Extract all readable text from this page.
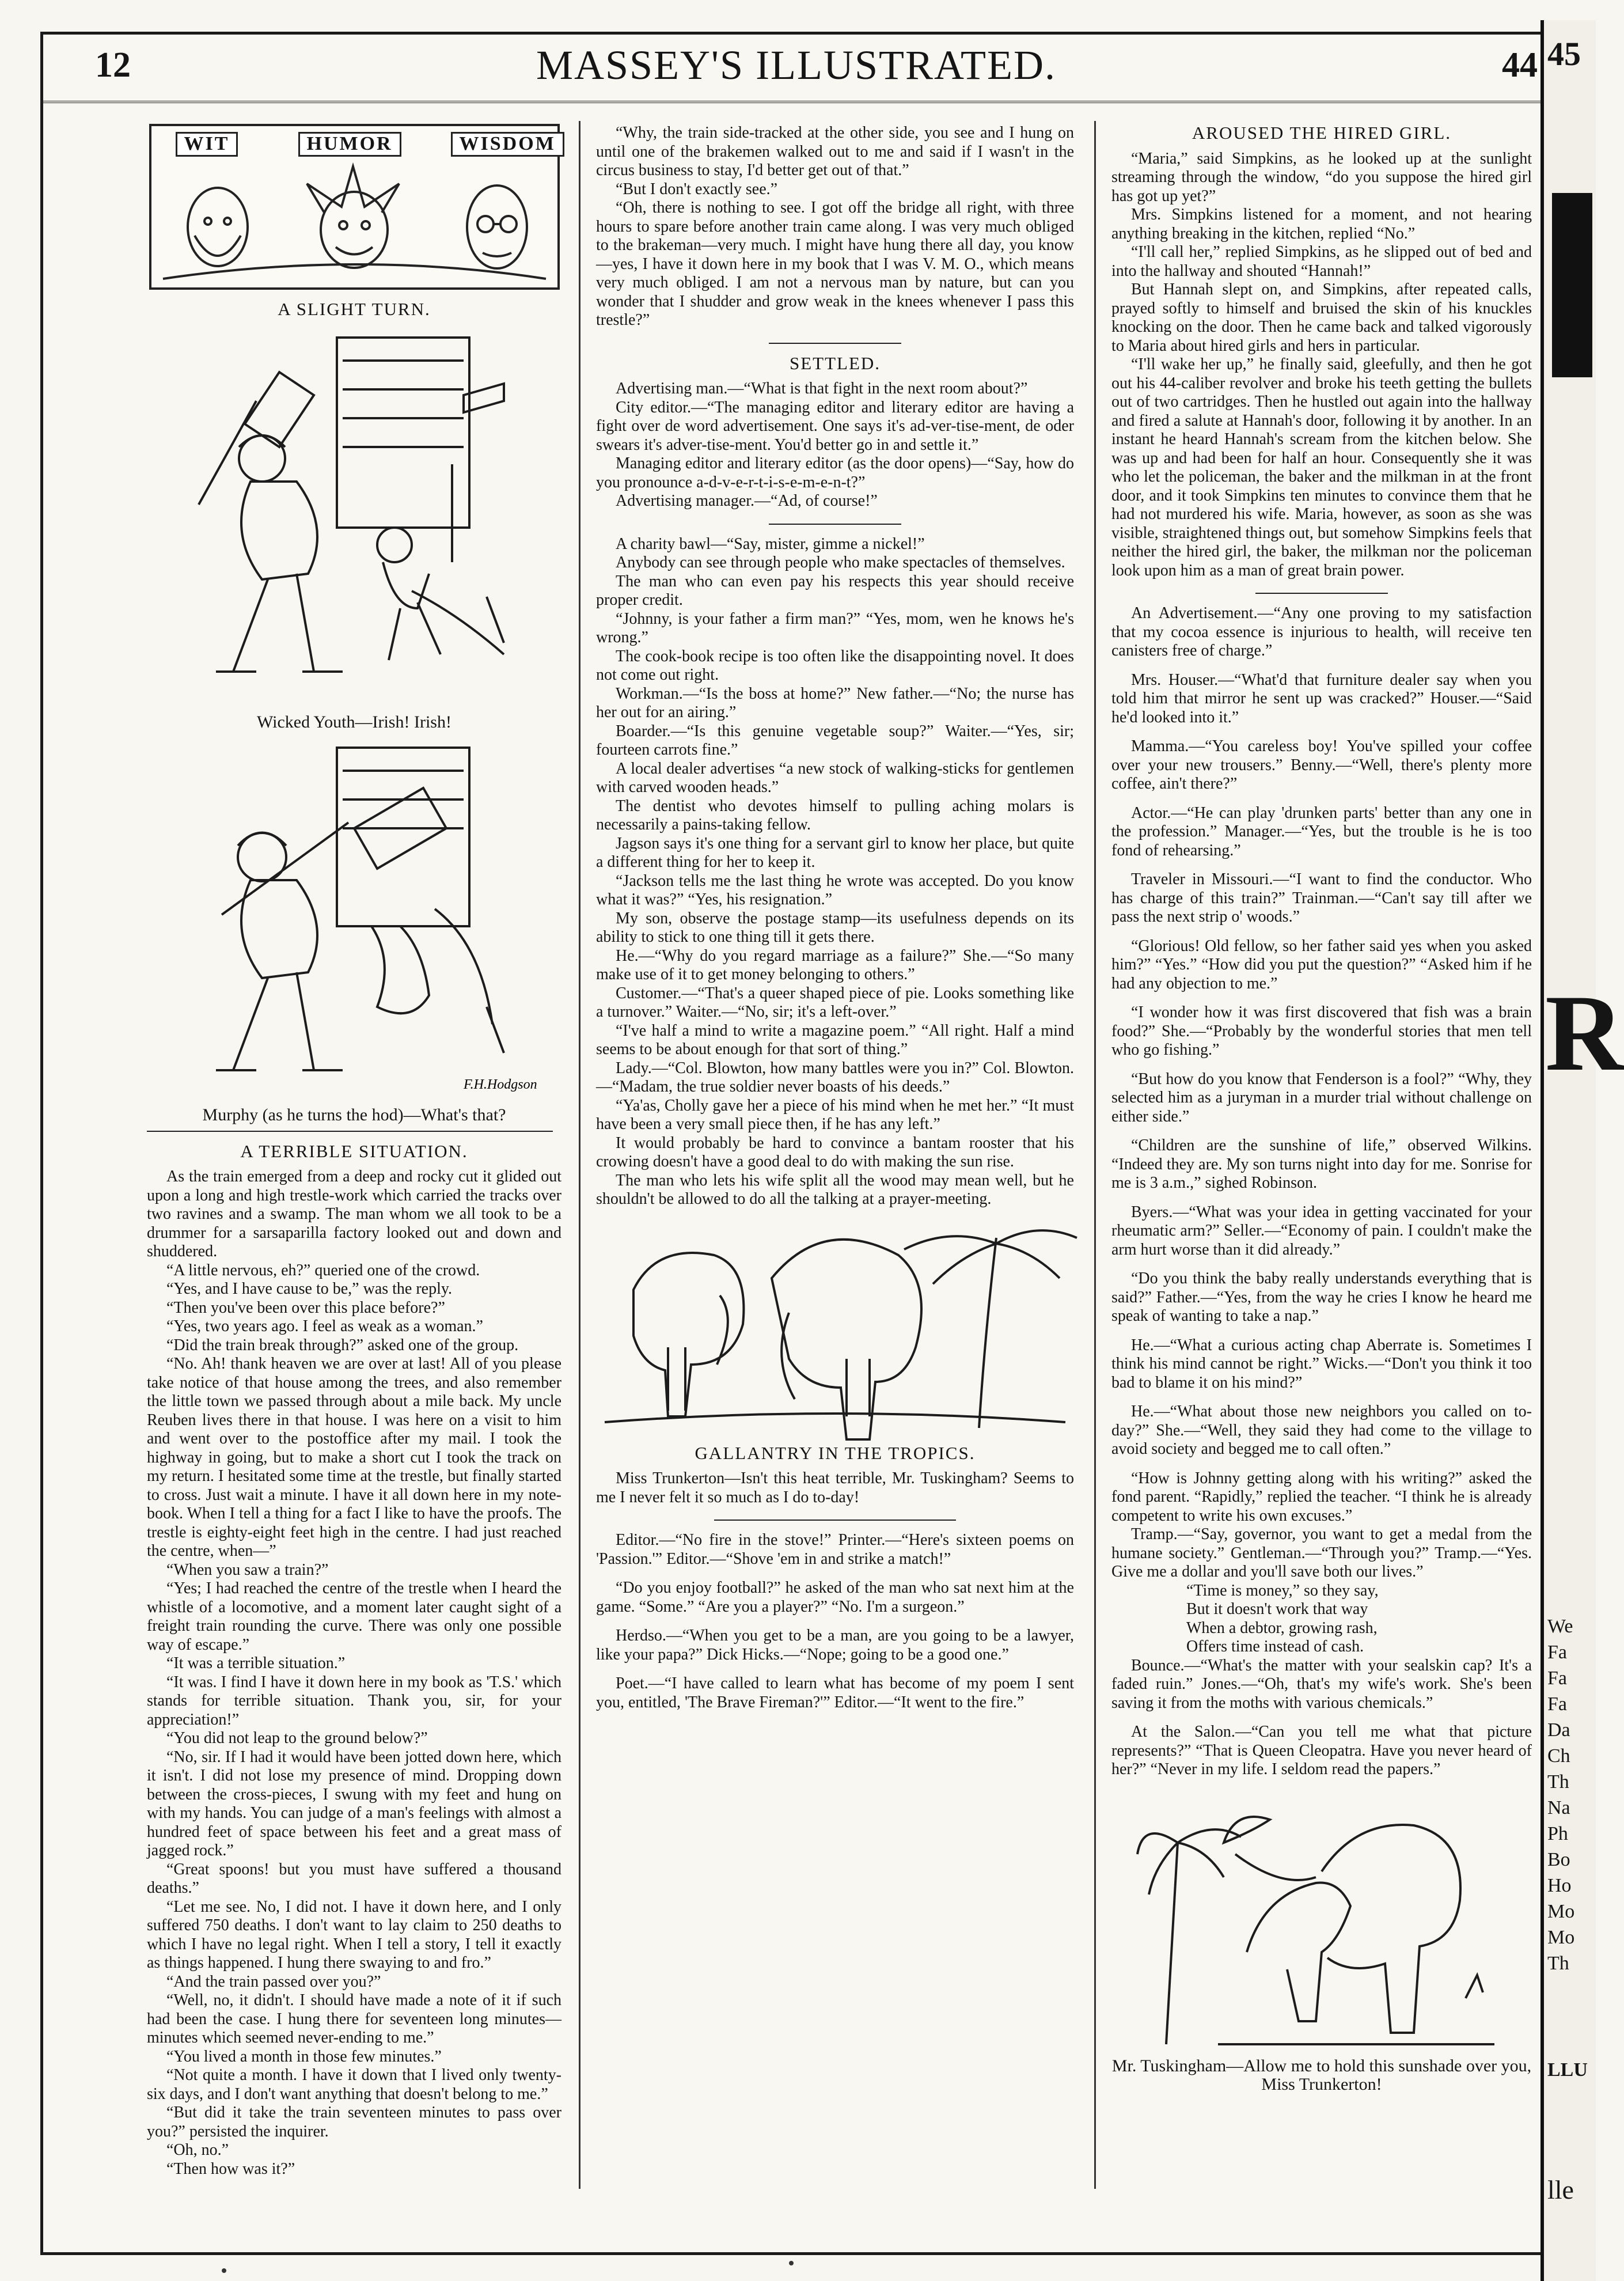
12	MASSEY'S ILLUSTRATED.	44
WIT	HUMOR	WISDOM
A SLIGHT TURN.
Wicked Youth—Irish! Irish!
F.H.Hodgson
Murphy (as he turns the hod)—What's that?
A TERRIBLE SITUATION.

As the train emerged from a deep and rocky cut it glided out upon a long and high trestle-work which carried the tracks over two ravines and a swamp. The man whom we all took to be a drummer for a sarsaparilla factory looked out and down and shuddered.

“A little nervous, eh?” queried one of the crowd.

“Yes, and I have cause to be,” was the reply.

“Then you've been over this place before?”

“Yes, two years ago. I feel as weak as a woman.”

“Did the train break through?” asked one of the group.

“No. Ah! thank heaven we are over at last! All of you please take notice of that house among the trees, and also remember the little town we passed through about a mile back. My uncle Reuben lives there in that house. I was here on a visit to him and went over to the postoffice after my mail. I took the highway in going, but to make a short cut I took the track on my return. I hesitated some time at the trestle, but finally started to cross. Just wait a minute. I have it all down here in my note-book. When I tell a thing for a fact I like to have the proofs. The trestle is eighty-eight feet high in the centre. I had just reached the centre, when—”

“When you saw a train?”

“Yes; I had reached the centre of the trestle when I heard the whistle of a locomotive, and a moment later caught sight of a freight train rounding the curve. There was only one possible way of escape.”

“It was a terrible situation.”

“It was. I find I have it down here in my book as 'T.S.' which stands for terrible situation. Thank you, sir, for your appreciation!”

“You did not leap to the ground below?”

“No, sir. If I had it would have been jotted down here, which it isn't. I did not lose my presence of mind. Dropping down between the cross-pieces, I swung with my feet and hung on with my hands. You can judge of a man's feelings with almost a hundred feet of space between his feet and a great mass of jagged rock.”

“Great spoons! but you must have suffered a thousand deaths.”

“Let me see. No, I did not. I have it down here, and I only suffered 750 deaths. I don't want to lay claim to 250 deaths to which I have no legal right. When I tell a story, I tell it exactly as things happened. I hung there swaying to and fro.”

“And the train passed over you?”

“Well, no, it didn't. I should have made a note of it if such had been the case. I hung there for seventeen long minutes—minutes which seemed never-ending to me.”

“You lived a month in those few minutes.”

“Not quite a month. I have it down that I lived only twenty-six days, and I don't want anything that doesn't belong to me.”

“But did it take the train seventeen minutes to pass over you?” persisted the inquirer.

“Oh, no.”

“Then how was it?”

“Why, the train side-tracked at the other side, you see and I hung on until one of the brakemen walked out to me and said if I wasn't in the circus business to stay, I'd better get out of that.”

“But I don't exactly see.”

“Oh, there is nothing to see. I got off the bridge all right, with three hours to spare before another train came along. I was very much obliged to the brakeman—very much. I might have hung there all day, you know—yes, I have it down here in my book that I was V. M. O., which means very much obliged. I am not a nervous man by nature, but can you wonder that I shudder and grow weak in the knees whenever I pass this trestle?”

SETTLED.

Advertising man.—“What is that fight in the next room about?”

City editor.—“The managing editor and literary editor are having a fight over de word advertisement. One says it's ad-ver-tise-ment, de oder swears it's adver-tise-ment. You'd better go in and settle it.”

Managing editor and literary editor (as the door opens)—“Say, how do you pronounce a-d-v-e-r-t-i-s-e-m-e-n-t?”

Advertising manager.—“Ad, of course!”

A charity bawl—“Say, mister, gimme a nickel!”

Anybody can see through people who make spectacles of themselves.

The man who can even pay his respects this year should receive proper credit.

“Johnny, is your father a firm man?” “Yes, mom, wen he knows he's wrong.”

The cook-book recipe is too often like the disappointing novel. It does not come out right.

Workman.—“Is the boss at home?” New father.—“No; the nurse has her out for an airing.”

Boarder.—“Is this genuine vegetable soup?” Waiter.—“Yes, sir; fourteen carrots fine.”

A local dealer advertises “a new stock of walking-sticks for gentlemen with carved wooden heads.”

The dentist who devotes himself to pulling aching molars is necessarily a pains-taking fellow.

Jagson says it's one thing for a servant girl to know her place, but quite a different thing for her to keep it.

“Jackson tells me the last thing he wrote was accepted. Do you know what it was?” “Yes, his resignation.”

My son, observe the postage stamp—its usefulness depends on its ability to stick to one thing till it gets there.

He.—“Why do you regard marriage as a failure?” She.—“So many make use of it to get money belonging to others.”

Customer.—“That's a queer shaped piece of pie. Looks something like a turnover.” Waiter.—“No, sir; it's a left-over.”

“I've half a mind to write a magazine poem.” “All right. Half a mind seems to be about enough for that sort of thing.”

Lady.—“Col. Blowton, how many battles were you in?” Col. Blowton.—“Madam, the true soldier never boasts of his deeds.”

“Ya'as, Cholly gave her a piece of his mind when he met her.” “It must have been a very small piece then, if he has any left.”

It would probably be hard to convince a bantam rooster that his crowing doesn't have a good deal to do with making the sun rise.

The man who lets his wife split all the wood may mean well, but he shouldn't be allowed to do all the talking at a prayer-meeting.

GALLANTRY IN THE TROPICS.

Miss Trunkerton—Isn't this heat terrible, Mr. Tuskingham? Seems to me I never felt it so much as I do to-day!

Editor.—“No fire in the stove!” Printer.—“Here's sixteen poems on 'Passion.'” Editor.—“Shove 'em in and strike a match!”

“Do you enjoy football?” he asked of the man who sat next him at the game. “Some.” “Are you a player?” “No. I'm a surgeon.”

Herdso.—“When you get to be a man, are you going to be a lawyer, like your papa?” Dick Hicks.—“Nope; going to be a good one.”

Poet.—“I have called to learn what has become of my poem I sent you, entitled, 'The Brave Fireman?'” Editor.—“It went to the fire.”

AROUSED THE HIRED GIRL.

“Maria,” said Simpkins, as he looked up at the sunlight streaming through the window, “do you suppose the hired girl has got up yet?”

Mrs. Simpkins listened for a moment, and not hearing anything breaking in the kitchen, replied “No.”

“I'll call her,” replied Simpkins, as he slipped out of bed and into the hallway and shouted “Hannah!”

But Hannah slept on, and Simpkins, after repeated calls, prayed softly to himself and bruised the skin of his knuckles knocking on the door. Then he came back and talked vigorously to Maria about hired girls and hers in particular.

“I'll wake her up,” he finally said, gleefully, and then he got out his 44-caliber revolver and broke his teeth getting the bullets out of two cartridges. Then he hustled out again into the hallway and fired a salute at Hannah's door, following it by another. In an instant he heard Hannah's scream from the kitchen below. She was up and had been for half an hour. Consequently she it was who let the policeman, the baker and the milkman in at the front door, and it took Simpkins ten minutes to convince them that he had not murdered his wife. Maria, however, as soon as she was visible, straightened things out, but somehow Simpkins feels that neither the hired girl, the baker, the milkman nor the policeman look upon him as a man of great brain power.

An Advertisement.—“Any one proving to my satisfaction that my cocoa essence is injurious to health, will receive ten canisters free of charge.”

Mrs. Houser.—“What'd that furniture dealer say when you told him that mirror he sent up was cracked?” Houser.—“Said he'd looked into it.”

Mamma.—“You careless boy! You've spilled your coffee over your new trousers.” Benny.—“Well, there's plenty more coffee, ain't there?”

Actor.—“He can play 'drunken parts' better than any one in the profession.” Manager.—“Yes, but the trouble is he is too fond of rehearsing.”

Traveler in Missouri.—“I want to find the conductor. Who has charge of this train?” Trainman.—“Can't say till after we pass the next strip o' woods.”

“Glorious! Old fellow, so her father said yes when you asked him?” “Yes.” “How did you put the question?” “Asked him if he had any objection to me.”

“I wonder how it was first discovered that fish was a brain food?” She.—“Probably by the wonderful stories that men tell who go fishing.”

“But how do you know that Fenderson is a fool?” “Why, they selected him as a juryman in a murder trial without challenge on either side.”

“Children are the sunshine of life,” observed Wilkins. “Indeed they are. My son turns night into day for me. Sonrise for me is 3 a.m.,” sighed Robinson.

Byers.—“What was your idea in getting vaccinated for your rheumatic arm?” Seller.—“Economy of pain. I couldn't make the arm hurt worse than it did already.”

“Do you think the baby really understands everything that is said?” Father.—“Yes, from the way he cries I know he heard me speak of wanting to take a nap.”

He.—“What a curious acting chap Aberrate is. Sometimes I think his mind cannot be right.” Wicks.—“Don't you think it too bad to blame it on his mind?”

He.—“What about those new neighbors you called on to-day?” She.—“Well, they said they had come to the village to avoid society and begged me to call often.”

“How is Johnny getting along with his writing?” asked the fond parent. “Rapidly,” replied the teacher. “I think he is already competent to write his own excuses.”

Tramp.—“Say, governor, you want to get a medal from the humane society.” Gentleman.—“Through you?” Tramp.—“Yes. Give me a dollar and you'll save both our lives.”

“Time is money,” so they say,

But it doesn't work that way

When a debtor, growing rash,

Offers time instead of cash.

Bounce.—“What's the matter with your sealskin cap? It's a faded ruin.” Jones.—“Oh, that's my wife's work. She's been saving it from the moths with various chemicals.”

At the Salon.—“Can you tell me what that picture represents?” “That is Queen Cleopatra. Have you never heard of her?” “Never in my life. I seldom read the papers.”

Mr. Tuskingham—Allow me to hold this sunshade over you, Miss Trunkerton!
45
R
We
Fa
Fa
Fa
Da
Ch
Th
Na
Ph
Bo
Ho
Mo
Mo
Th
LLU
lle
